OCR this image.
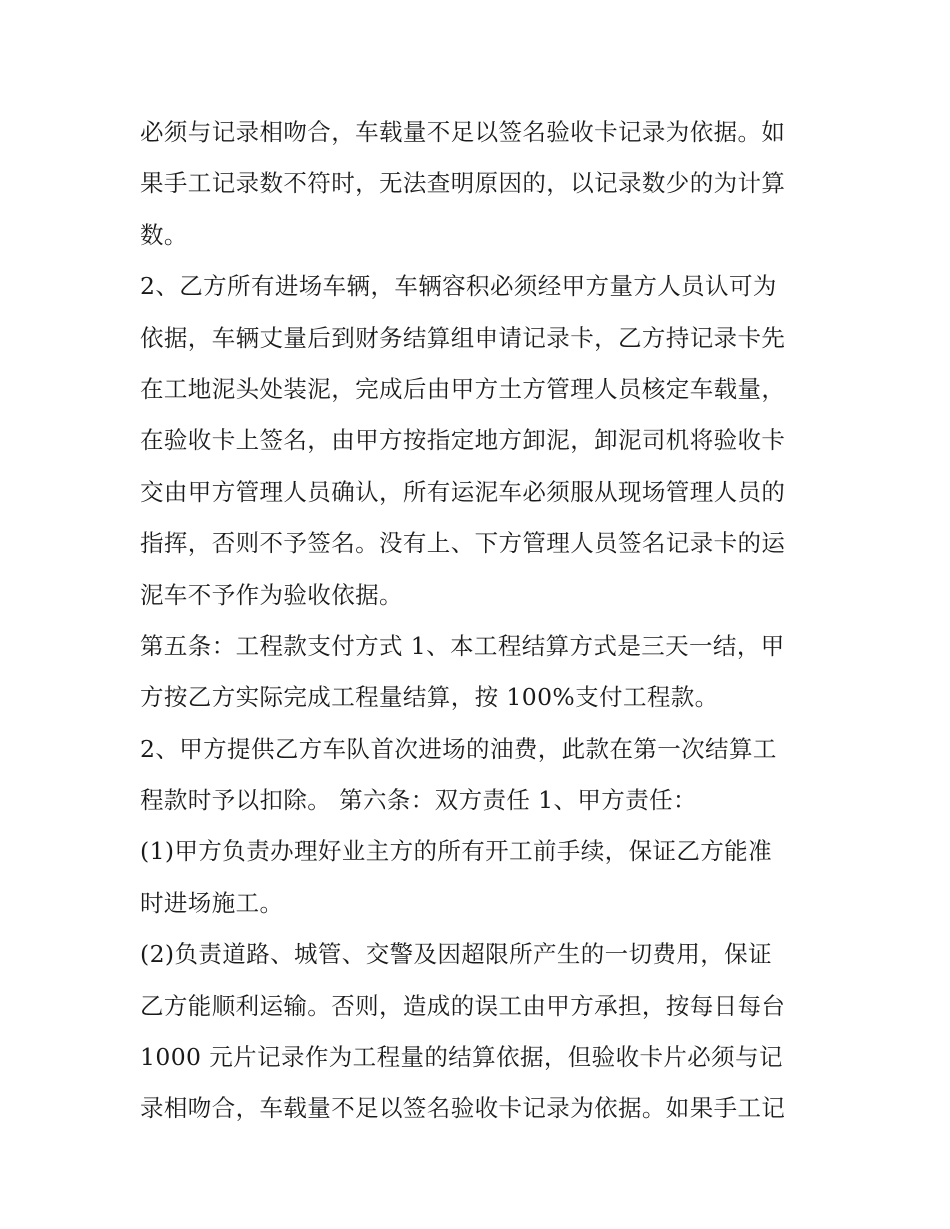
必须与记录相吻合，车载量不足以签名验收卡记录为依据。如
果手工记录数不符时，无法查明原因的，以记录数少的为计算
数。
2、乙方所有进场车辆，车辆容积必须经甲方量方人员认可为
依据，车辆丈量后到财务结算组申请记录卡，乙方持记录卡先
在工地泥头处装泥，完成后由甲方土方管理人员核定车载量，
在验收卡上签名，由甲方按指定地方卸泥，卸泥司机将验收卡
交由甲方管理人员确认，所有运泥车必须服从现场管理人员的
指挥，否则不予签名。没有上、下方管理人员签名记录卡的运
泥车不予作为验收依据。
第五条：工程款支付方式 1、本工程结算方式是三天一结，甲
方按乙方实际完成工程量结算，按 100%支付工程款。
2、甲方提供乙方车队首次进场的油费，此款在第一次结算工
程款时予以扣除。 第六条：双方责任 1、甲方责任：
(1)甲方负责办理好业主方的所有开工前手续，保证乙方能准
时进场施工。
(2)负责道路、城管、交警及因超限所产生的一切费用，保证
乙方能顺利运输。否则，造成的误工由甲方承担，按每日每台
1000 元片记录作为工程量的结算依据，但验收卡片必须与记
录相吻合，车载量不足以签名验收卡记录为依据。如果手工记
